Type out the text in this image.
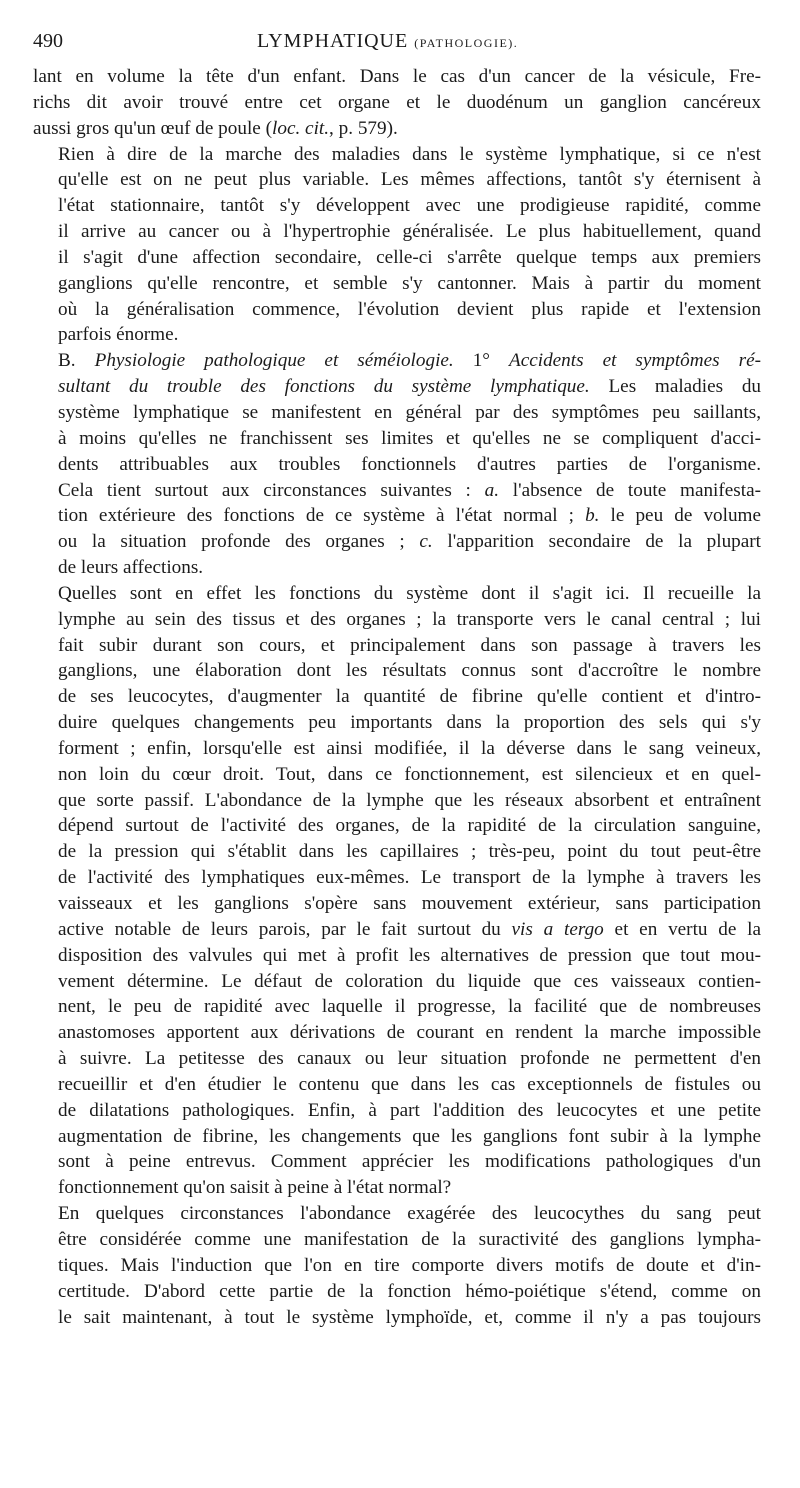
490	LYMPHATIQUE (PATHOLOGIE).
lant en volume la tête d'un enfant. Dans le cas d'un cancer de la vésicule, Fre-
richs dit avoir trouvé entre cet organe et le duodénum un ganglion cancéreux
aussi gros qu'un œuf de poule (loc. cit., p. 579).
Rien à dire de la marche des maladies dans le système lymphatique, si ce n'est
qu'elle est on ne peut plus variable. Les mêmes affections, tantôt s'y éternisent à
l'état stationnaire, tantôt s'y développent avec une prodigieuse rapidité, comme
il arrive au cancer ou à l'hypertrophie généralisée. Le plus habituellement, quand
il s'agit d'une affection secondaire, celle-ci s'arrête quelque temps aux premiers
ganglions qu'elle rencontre, et semble s'y cantonner. Mais à partir du moment
où la généralisation commence, l'évolution devient plus rapide et l'extension
parfois énorme.
B. Physiologie pathologique et séméiologie. 1° Accidents et symptômes ré-
sultant du trouble des fonctions du système lymphatique. Les maladies du
système lymphatique se manifestent en général par des symptômes peu saillants,
à moins qu'elles ne franchissent ses limites et qu'elles ne se compliquent d'acci-
dents attribuables aux troubles fonctionnels d'autres parties de l'organisme.
Cela tient surtout aux circonstances suivantes : a. l'absence de toute manifesta-
tion extérieure des fonctions de ce système à l'état normal ; b. le peu de volume
ou la situation profonde des organes ; c. l'apparition secondaire de la plupart
de leurs affections.
Quelles sont en effet les fonctions du système dont il s'agit ici. Il recueille la
lymphe au sein des tissus et des organes ; la transporte vers le canal central ; lui
fait subir durant son cours, et principalement dans son passage à travers les
ganglions, une élaboration dont les résultats connus sont d'accroître le nombre
de ses leucocytes, d'augmenter la quantité de fibrine qu'elle contient et d'intro-
duire quelques changements peu importants dans la proportion des sels qui s'y
forment ; enfin, lorsqu'elle est ainsi modifiée, il la déverse dans le sang veineux,
non loin du cœur droit. Tout, dans ce fonctionnement, est silencieux et en quel-
que sorte passif. L'abondance de la lymphe que les réseaux absorbent et entraînent
dépend surtout de l'activité des organes, de la rapidité de la circulation sanguine,
de la pression qui s'établit dans les capillaires ; très-peu, point du tout peut-être
de l'activité des lymphatiques eux-mêmes. Le transport de la lymphe à travers les
vaisseaux et les ganglions s'opère sans mouvement extérieur, sans participation
active notable de leurs parois, par le fait surtout du vis a tergo et en vertu de la
disposition des valvules qui met à profit les alternatives de pression que tout mou-
vement détermine. Le défaut de coloration du liquide que ces vaisseaux contien-
nent, le peu de rapidité avec laquelle il progresse, la facilité que de nombreuses
anastomoses apportent aux dérivations de courant en rendent la marche impossible
à suivre. La petitesse des canaux ou leur situation profonde ne permettent d'en
recueillir et d'en étudier le contenu que dans les cas exceptionnels de fistules ou
de dilatations pathologiques. Enfin, à part l'addition des leucocytes et une petite
augmentation de fibrine, les changements que les ganglions font subir à la lymphe
sont à peine entrevus. Comment apprécier les modifications pathologiques d'un
fonctionnement qu'on saisit à peine à l'état normal?
En quelques circonstances l'abondance exagérée des leucocythes du sang peut
être considérée comme une manifestation de la suractivité des ganglions lympha-
tiques. Mais l'induction que l'on en tire comporte divers motifs de doute et d'in-
certitude. D'abord cette partie de la fonction hémo-poiétique s'étend, comme on
le sait maintenant, à tout le système lymphoïde, et, comme il n'y a pas toujours
